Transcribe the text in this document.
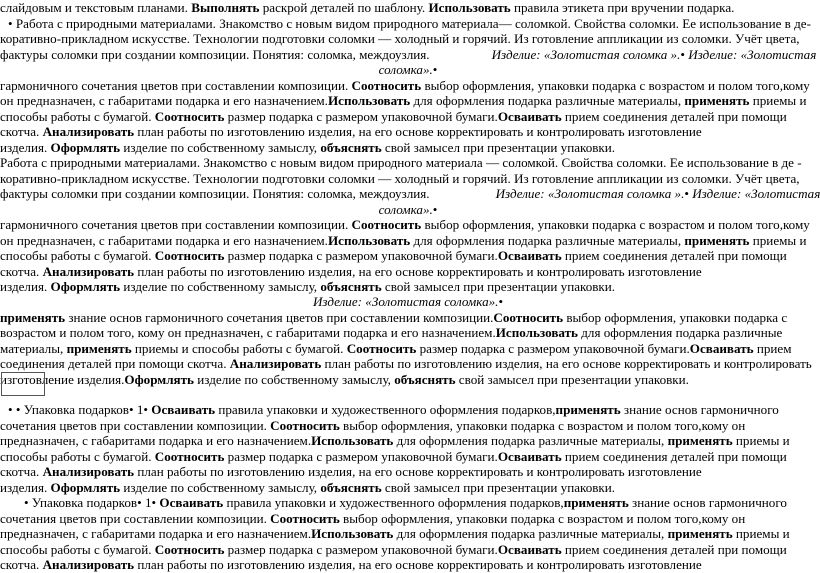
слайдовым и текстовым планами. Выполнять раскрой деталей по шаблону. Использовать правила этикета при вручении подарка.
• Работа с природными материалами. Знакомство с новым видом природного материала— соломкой. Свойства соломки. Ее использование в де-
коративно-прикладном искусстве. Технологии подготовки соломки — холодный и горячий. Из готовление аппликации из соломки. Учёт цвета,
фактуры соломки при создании композиции. Понятия: соломка, междоузлия.	Изделие: «Золотистая соломка ».• Изделие: «Золотистая
соломка».•
гармоничного сочетания цветов при составлении композиции. Соотносить выбор оформления, упаковки подарка с возрастом и полом того,кому
он предназначен, с габаритами подарка и его назначением.Использовать для оформления подарка различные материалы, применять приемы и
способы работы с бумагой. Соотносить размер подарка с размером упаковочной бумаги.Осваивать прием соединения деталей при помощи
скотча. Анализировать план работы по изготовлению изделия, на его основе корректировать и контролировать изготовление
изделия. Оформлять изделие по собственному замыслу, объяснять свой замысел при презентации упаковки.
Работа с природными материалами. Знакомство с новым видом природного материала — соломкой. Свойства соломки. Ее использование в де -
коративно-прикладном искусстве. Технологии подготовки соломки — холодный и горячий. Из готовление аппликации из соломки. Учёт цвета,
фактуры соломки при создании композиции. Понятия: соломка, междоузлия.	Изделие: «Золотистая соломка ».• Изделие: «Золотистая
соломка».•
гармоничного сочетания цветов при составлении композиции. Соотносить выбор оформления, упаковки подарка с возрастом и полом того,кому
он предназначен, с габаритами подарка и его назначением.Использовать для оформления подарка различные материалы, применять приемы и
способы работы с бумагой. Соотносить размер подарка с размером упаковочной бумаги.Осваивать прием соединения деталей при помощи
скотча. Анализировать план работы по изготовлению изделия, на его основе корректировать и контролировать изготовление
изделия. Оформлять изделие по собственному замыслу, объяснять свой замысел при презентации упаковки.
Изделие: «Золотистая соломка».•
применять знание основ гармоничного сочетания цветов при составлении композиции.Соотносить выбор оформления, упаковки подарка с
возрастом и полом того, кому он предназначен, с габаритами подарка и его назначением.Использовать для оформления подарка различные
материалы, применять приемы и способы работы с бумагой. Соотносить размер подарка с размером упаковочной бумаги.Осваивать прием
соединения деталей при помощи скотча. Анализировать план работы по изготовлению изделия, на его основе корректировать и контролировать
изготовление изделия.Оформлять изделие по собственному замыслу, объяснять свой замысел при презентации упаковки.
• • Упаковка подарков• 1• Осваивать правила упаковки и художественного оформления подарков,применять знание основ гармоничного
сочетания цветов при составлении композиции. Соотносить выбор оформления, упаковки подарка с возрастом и полом того,кому он
предназначен, с габаритами подарка и его назначением.Использовать для оформления подарка различные материалы, применять приемы и
способы работы с бумагой. Соотносить размер подарка с размером упаковочной бумаги.Осваивать прием соединения деталей при помощи
скотча. Анализировать план работы по изготовлению изделия, на его основе корректировать и контролировать изготовление
изделия. Оформлять изделие по собственному замыслу, объяснять свой замысел при презентации упаковки.
• Упаковка подарков• 1• Осваивать правила упаковки и художественного оформления подарков,применять знание основ гармоничного
сочетания цветов при составлении композиции. Соотносить выбор оформления, упаковки подарка с возрастом и полом того,кому он
предназначен, с габаритами подарка и его назначением.Использовать для оформления подарка различные материалы, применять приемы и
способы работы с бумагой. Соотносить размер подарка с размером упаковочной бумаги.Осваивать прием соединения деталей при помощи
скотча. Анализировать план работы по изготовлению изделия, на его основе корректировать и контролировать изготовление
